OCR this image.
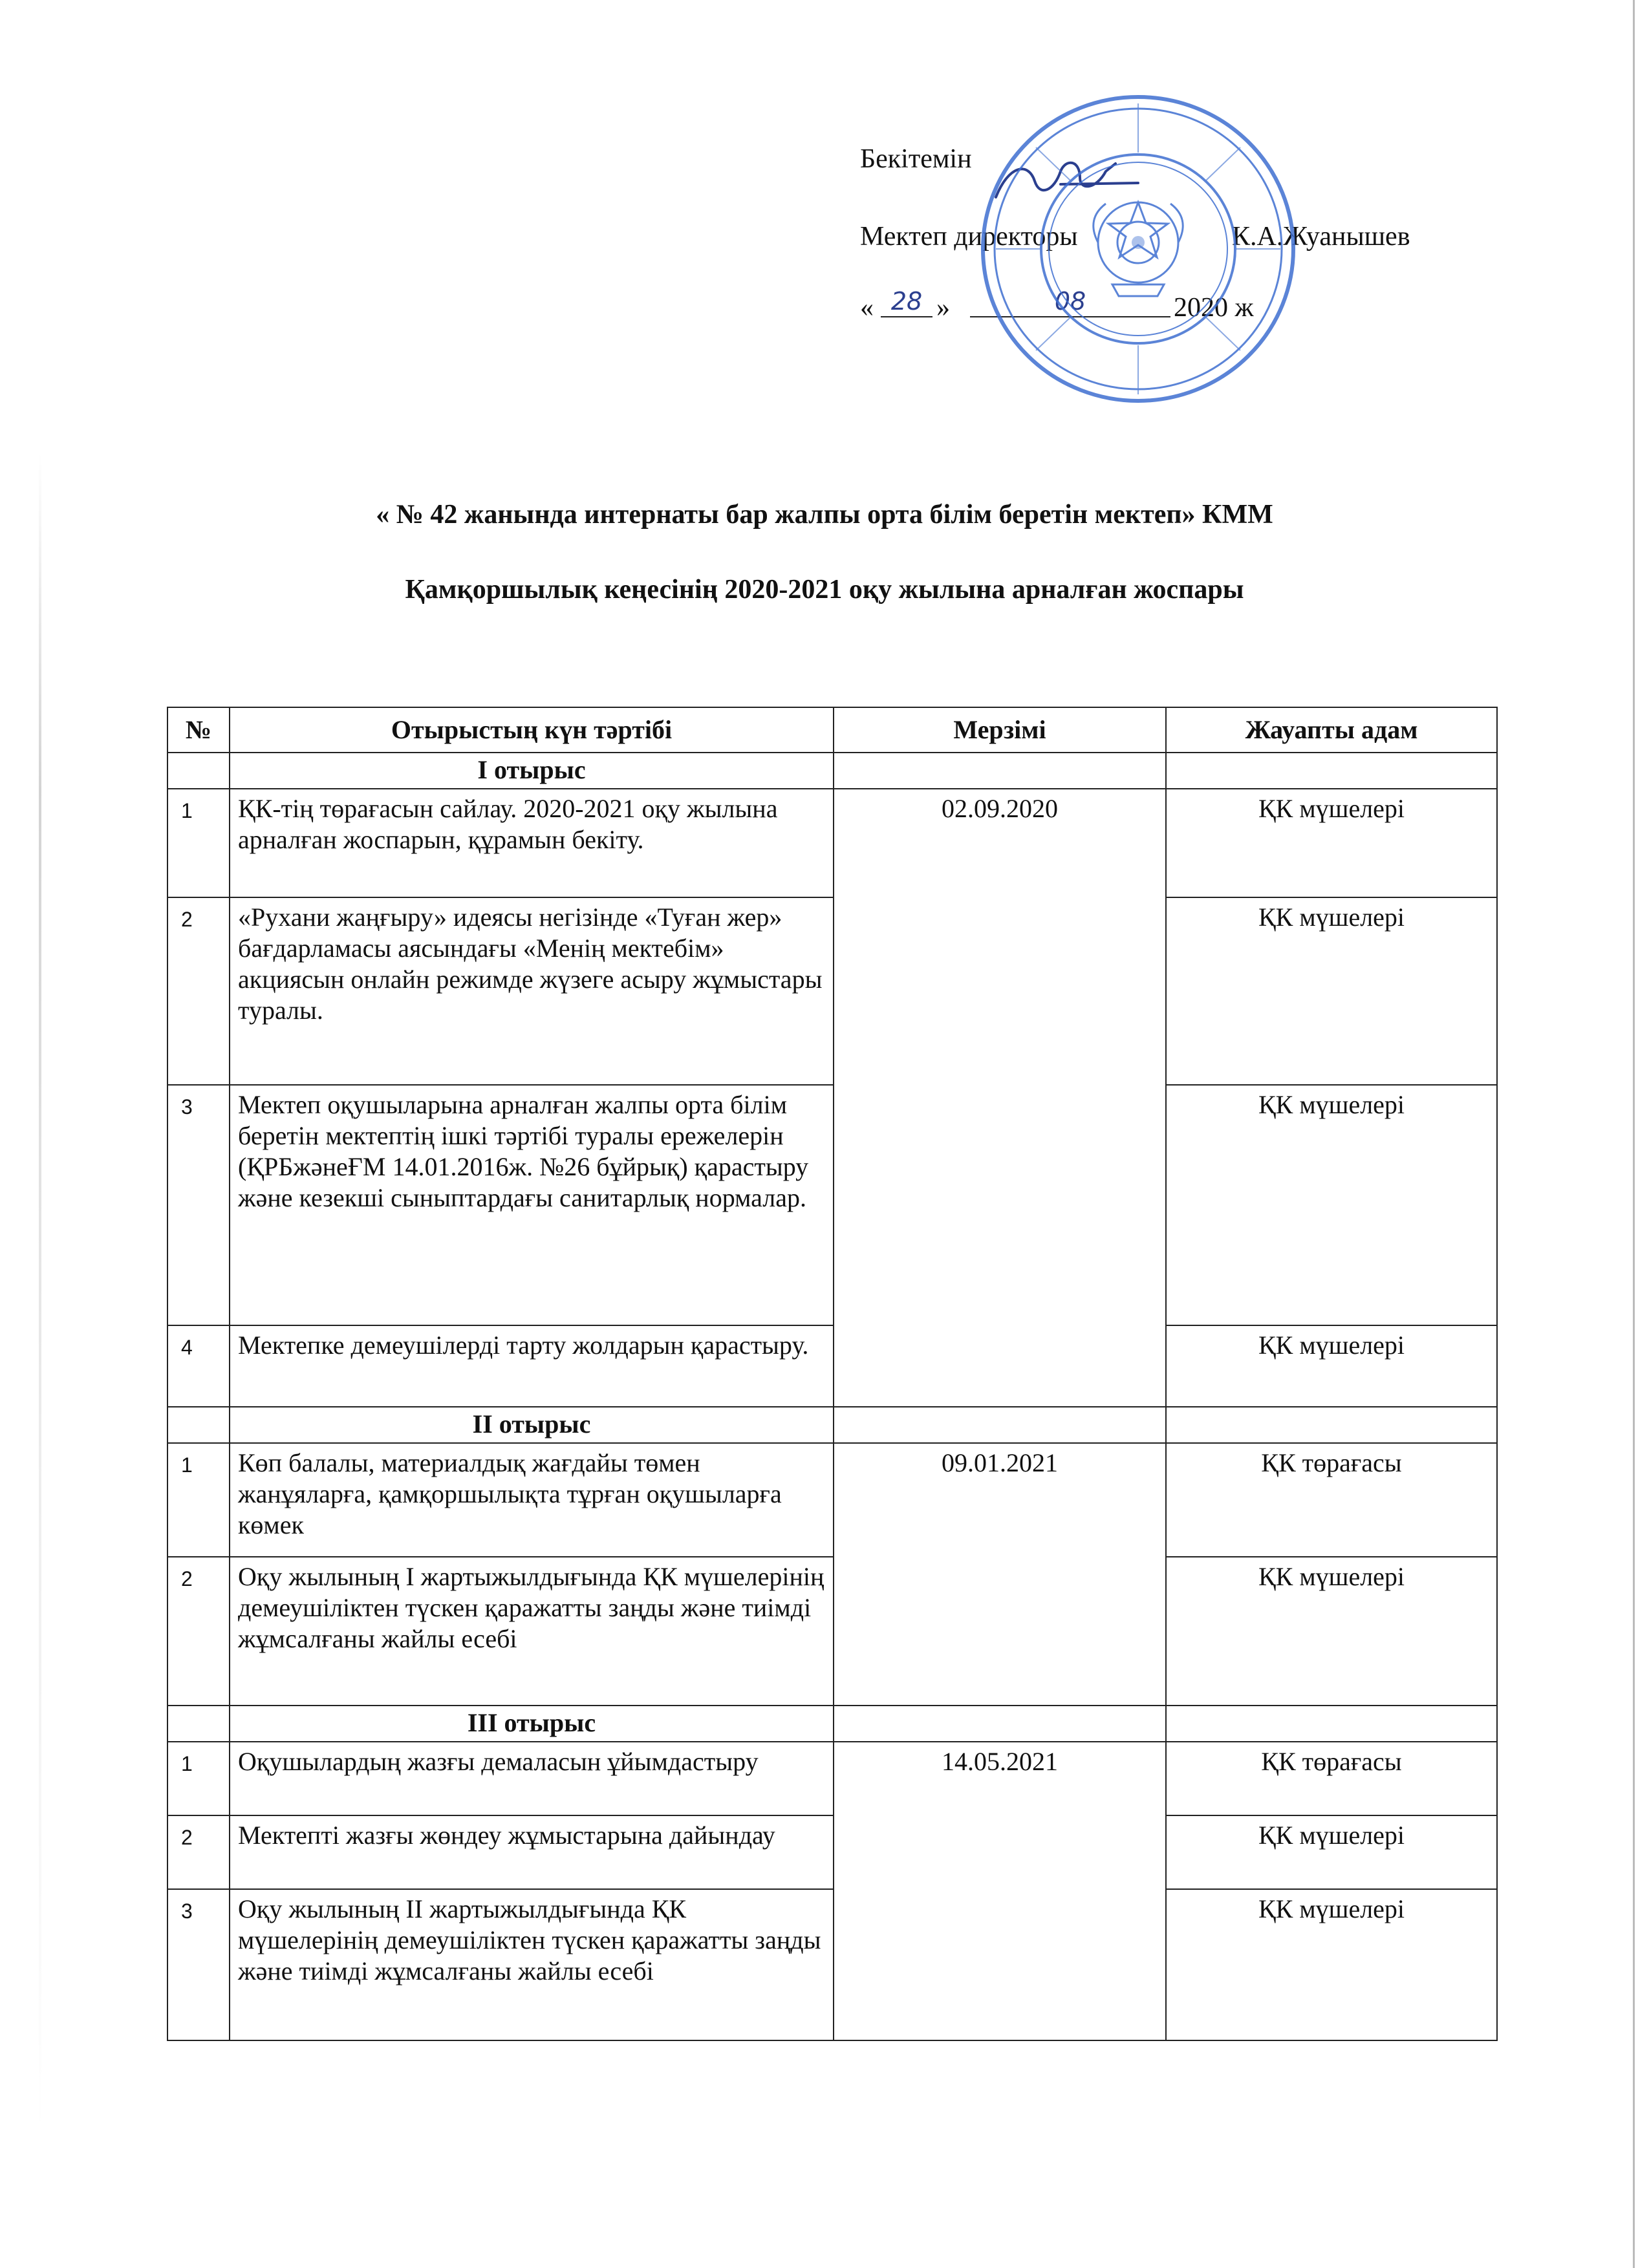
Бекітемін
Мектеп директоры	К.А.Жуанышев
« 28 »	08	2020 ж
« № 42 жанында интернаты бар жалпы орта білім беретін мектеп» КММ
Қамқоршылық кеңесінің 2020-2021 оқу жылына арналған жоспары
№	Отырыстың күн тәртібі	Мерзімі	Жауапты адам
	І отырыс		
1	ҚК-тің төрағасын сайлау. 2020-2021 оқу жылына арналған жоспарын, құрамын бекіту.	02.09.2020	ҚК мүшелері
2	«Рухани жаңғыру» идеясы негізінде «Туған жер» бағдарламасы аясындағы «Менің мектебім» акциясын онлайн режимде жүзеге асыру жұмыстары туралы.		ҚК мүшелері
3	Мектеп оқушыларына арналған жалпы орта білім беретін мектептің ішкі тәртібі туралы ережелерін (ҚРБжәнеҒМ 14.01.2016ж. №26 бұйрық) қарастыру және кезекші сыныптардағы санитарлық нормалар.		ҚК мүшелері
4	Мектепке демеушілерді тарту жолдарын қарастыру.		ҚК мүшелері
	ІІ отырыс		
1	Көп балалы, материалдық жағдайы төмен жанұяларға, қамқоршылықта тұрған оқушыларға көмек	09.01.2021	ҚК төрағасы
2	Оқу жылының І жартыжылдығында ҚК мүшелерінің демеушіліктен түскен қаражатты заңды және тиімді жұмсалғаны жайлы есебі		ҚК мүшелері
	ІІІ отырыс		
1	Оқушылардың жазғы демаласын ұйымдастыру	14.05.2021	ҚК төрағасы
2	Мектепті жазғы жөндеу жұмыстарына дайындау		ҚК мүшелері
3	Оқу жылының ІІ жартыжылдығында ҚК мүшелерінің демеушіліктен түскен қаражатты заңды және тиімді жұмсалғаны жайлы есебі		ҚК мүшелері
